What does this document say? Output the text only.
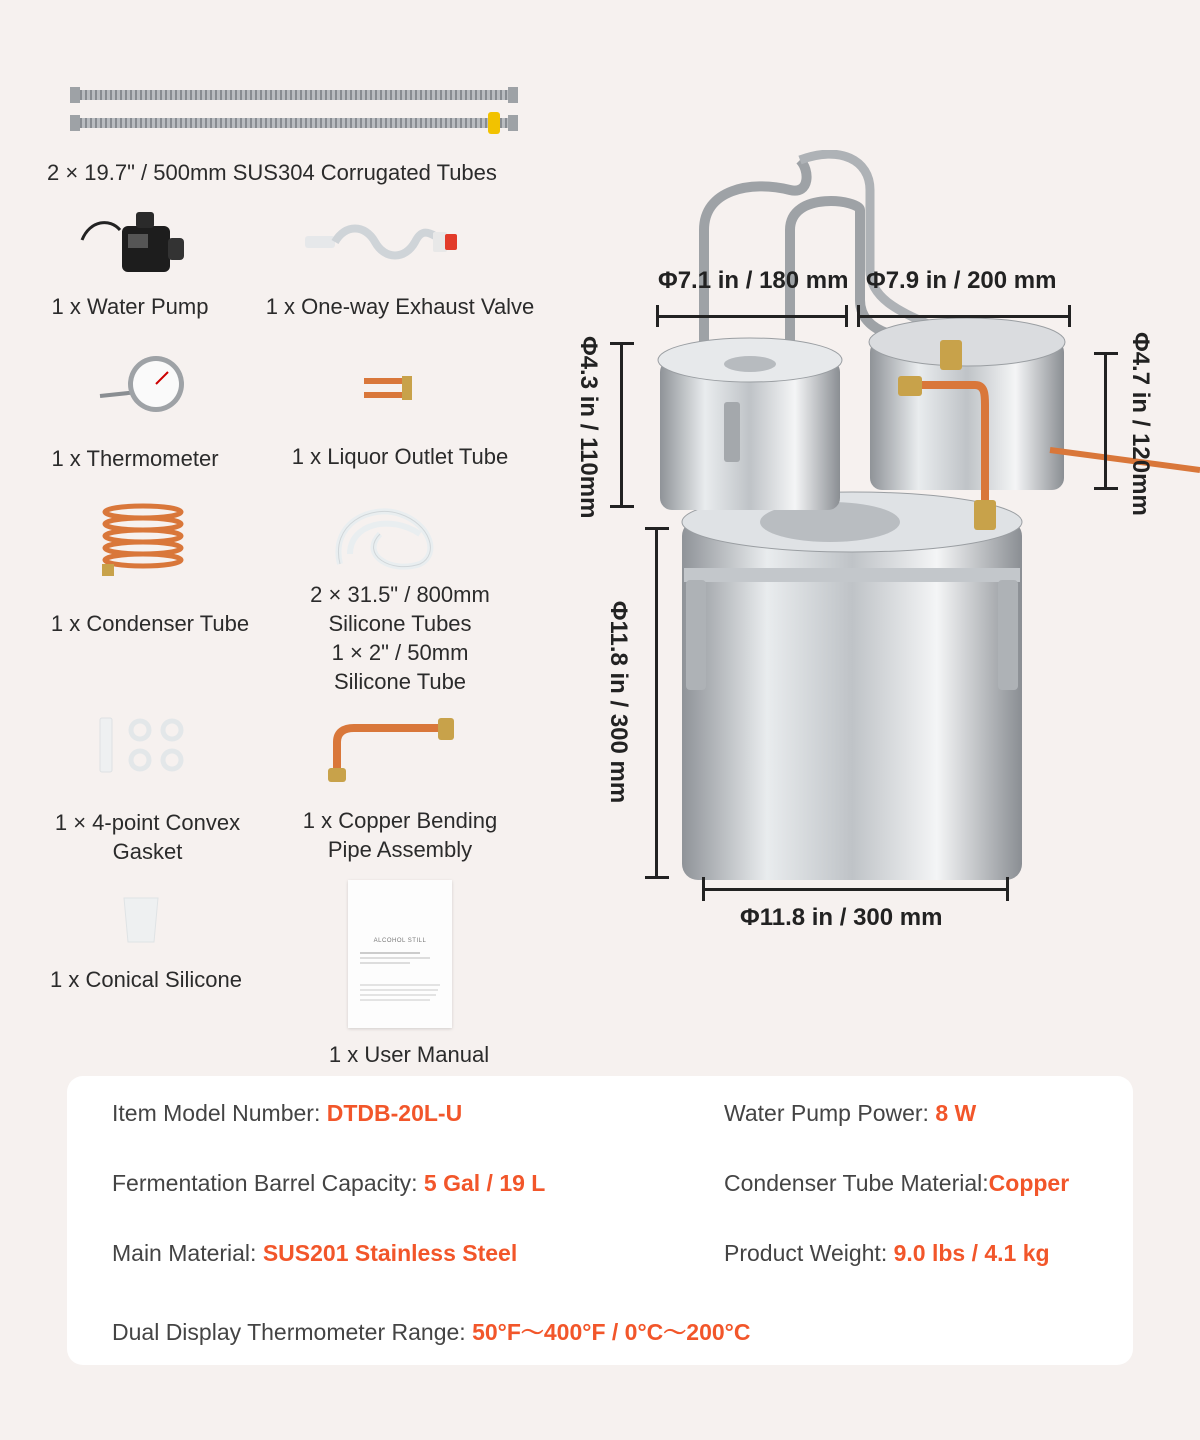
2 × 19.7" / 500mm SUS304 Corrugated Tubes
1 x Water Pump	1 x One-way Exhaust Valve
1 x Thermometer	1 x Liquor Outlet Tube
1 x Condenser Tube
2 × 31.5" / 800mm
Silicone Tubes
1 × 2" / 50mm
Silicone Tube
1 × 4-point Convex
Gasket
1 x Copper Bending
Pipe Assembly
1 x Conical Silicone
ALCOHOL STILL
1 x User Manual
Φ7.1 in / 180 mm Φ7.9 in / 200 mm
Φ4.3 in / 110mm	Φ4.7 in / 120mm
Φ11.8 in / 300 mm
Φ11.8 in / 300 mm
Item Model Number: DTDB-20L-U	Water Pump Power: 8 W
Fermentation Barrel Capacity: 5 Gal / 19 L	Condenser Tube Material:Copper
Main Material: SUS201 Stainless Steel	Product Weight: 9.0 lbs / 4.1 kg
Dual Display Thermometer Range: 50°F～400°F / 0°C～200°C
